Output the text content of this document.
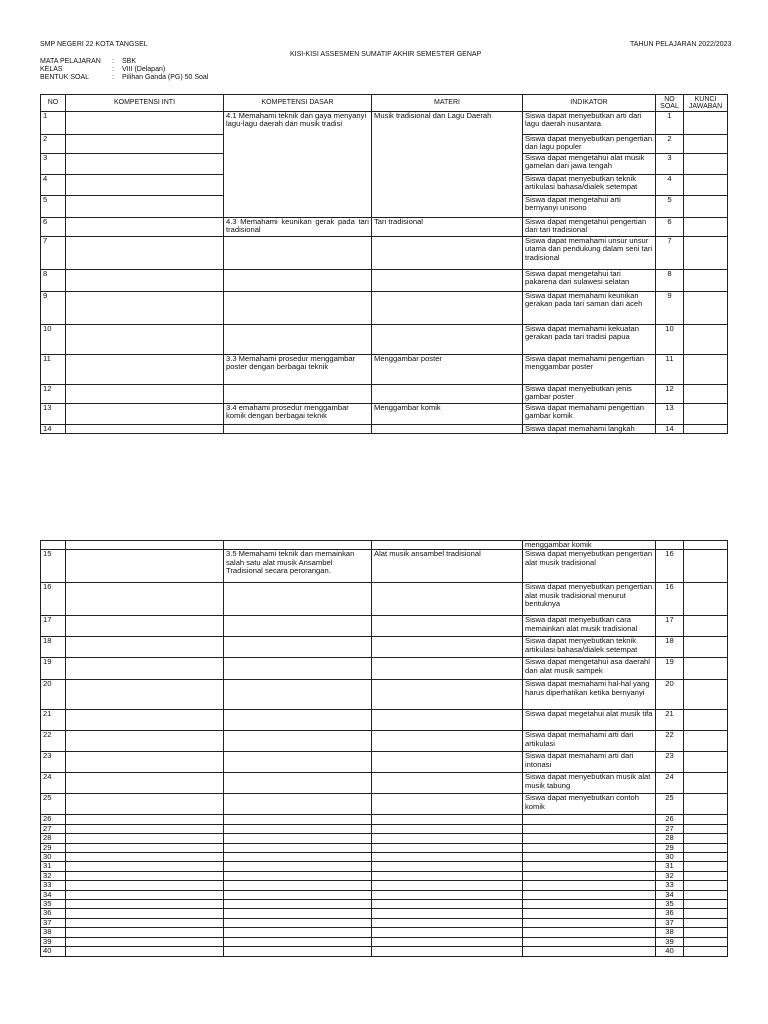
SMP NEGERI 22 KOTA TANGSEL
KISI-KISI ASSESMEN SUMATIF AKHIR SEMESTER GENAP
TAHUN PELAJARAN 2022/2023
MATA PELAJARAN	:	SBK
KELAS	:	VIII (Delapan)
BENTUK SOAL	:	Pilihan Ganda (PG) 50 Soal
NO	KOMPETENSI INTI	KOMPETENSI DASAR	MATERI	INDIKATOR	NO SOAL	KUNCI JAWABAN
1		4.1 Memahami teknik dan gaya menyanyi lagu-lagu daerah dan musik tradisi	Musik tradisional dan Lagu Daerah	Siswa dapat menyebutkan arti dari lagu daerah nusantara	1	
2				Siswa dapat menyebutkan pengertian dari lagu populer	2	
3				Siswa dapat mengetahui alat musik gamelan dari jawa tengah	3	
4				Siswa dapat menyebutkan teknik artikulasi bahasa/dialek setempat	4	
5				Siswa dapat mengetahui arti bernyanyi unisono	5	
6		4.3 Memahami keunikan gerak pada tari tradisional	Tari tradisional	Siswa dapat mengetahui pengertian dari tari tradisional	6	
7				Siswa dapat memahami unsur unsur utama dan pendukung dalam seni tari tradisional	7	
8				Siswa dapat mengetahui tari pakarena dari sulawesi selatan	8	
9				Siswa dapat memahami keunikan gerakan pada tari saman dari aceh	9	
10				Siswa dapat memahami kekuatan gerakan pada tari tradisi papua	10	
11		3.3 Memahami prosedur menggambar poster dengan berbagai teknik	Menggambar poster	Siswa dapat memahami pengertian menggambar poster	11	
12				Siswa dapat menyebutkan jenis gambar poster	12	
13		3.4 emahami prosedur menggambar komik dengan berbagai teknik	Menggambar komik	Siswa dapat memahami pengertian gambar komik	13	
14				Siswa dapat memahami langkah	14	
				menggambar komik		
15		3.5 Memahami teknik dan memainkan salah satu alat musik Ansambel Tradisional secara perorangan.	Alat musik ansambel tradisional	Siswa dapat menyebutkan pengertian alat musik tradisional	16	
16				Siswa dapat menyebutkan pengertian alat musik tradisional menurut bentuknya	16	
17				Siswa dapat menyebutkan cara memainkan alat musik tradisional	17	
18				Siswa dapat menyebutkan teknik artikulasi bahasa/dialek setempat	18	
19				Siswa dapat mengetahui asa daerahl dari alat musik sampek	19	
20				Siswa dapat memahami hal-hal yang harus diperhatikan ketika bernyanyi	20	
21				Siswa dapat megetahui alat musik tifa	21	
22				Siswa dapat memahami arti dari artikulasi	22	
23				Siswa dapat memahami arti dari intonasi	23	
24				Siswa dapat menyebutkan musik alat musik tabung	24	
25				Siswa dapat menyebutkan contoh komik	25	
26					26	
27					27	
28					28	
29					29	
30					30	
31					31	
32					32	
33					33	
34					34	
35					35	
36					36	
37					37	
38					38	
39					39	
40					40	
